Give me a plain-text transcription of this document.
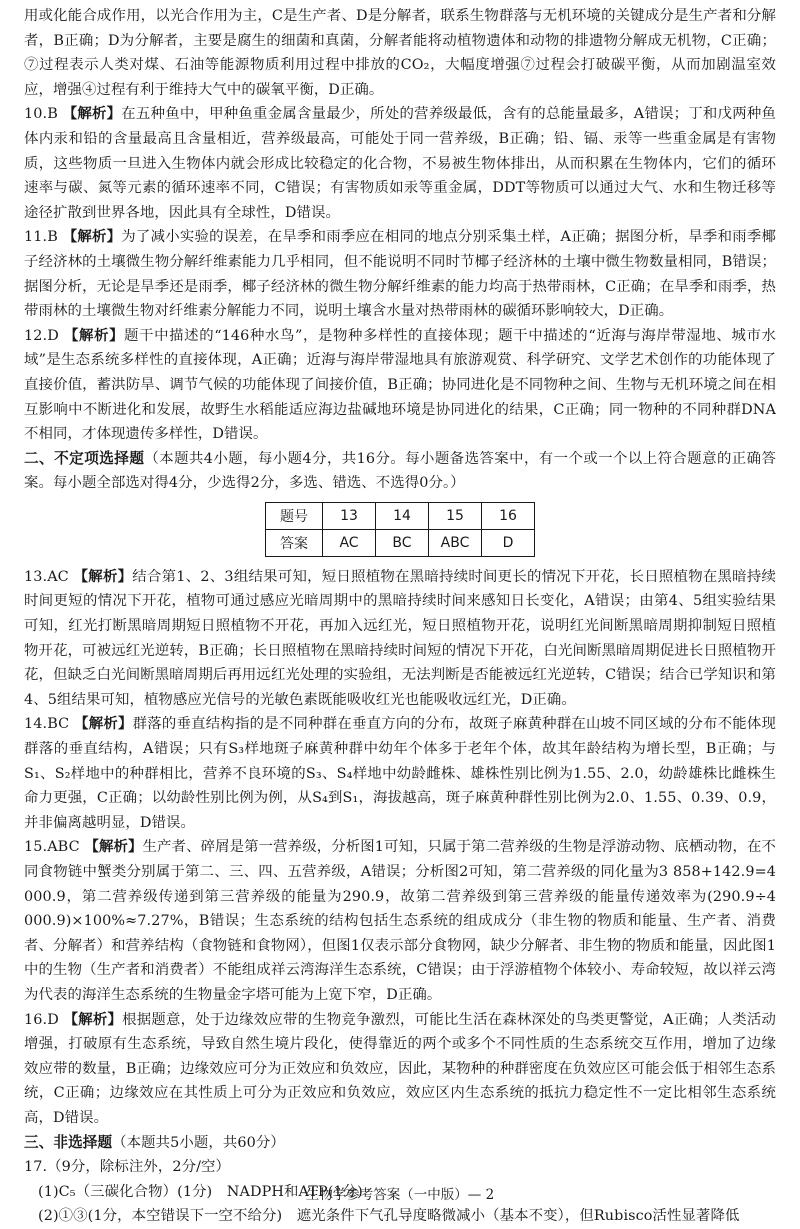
用或化能合成作用，以光合作用为主，C是生产者、D是分解者，联系生物群落与无机环境的关键成分是生产者和分解者，B正确；D为分解者，主要是腐生的细菌和真菌，分解者能将动植物遗体和动物的排遗物分解成无机物，C正确；⑦过程表示人类对煤、石油等能源物质利用过程中排放的CO₂，大幅度增强⑦过程会打破碳平衡，从而加剧温室效应，增强④过程有利于维持大气中的碳氧平衡，D正确。

10.B 【解析】在五种鱼中，甲种鱼重金属含量最少，所处的营养级最低，含有的总能量最多，A错误；丁和戊两种鱼体内汞和铅的含量最高且含量相近，营养级最高，可能处于同一营养级，B正确；铅、镉、汞等一些重金属是有害物质，这些物质一旦进入生物体内就会形成比较稳定的化合物，不易被生物体排出，从而积累在生物体内，它们的循环速率与碳、氮等元素的循环速率不同，C错误；有害物质如汞等重金属，DDT等物质可以通过大气、水和生物迁移等途径扩散到世界各地，因此具有全球性，D错误。

11.B 【解析】为了减小实验的误差，在旱季和雨季应在相同的地点分别采集土样，A正确；据图分析，旱季和雨季椰子经济林的土壤微生物分解纤维素能力几乎相同，但不能说明不同时节椰子经济林的土壤中微生物数量相同，B错误；据图分析，无论是旱季还是雨季，椰子经济林的微生物分解纤维素的能力均高于热带雨林，C正确；在旱季和雨季，热带雨林的土壤微生物对纤维素分解能力不同，说明土壤含水量对热带雨林的碳循环影响较大，D正确。

12.D 【解析】题干中描述的“146种水鸟”，是物种多样性的直接体现；题干中描述的“近海与海岸带湿地、城市水域”是生态系统多样性的直接体现，A正确；近海与海岸带湿地具有旅游观赏、科学研究、文学艺术创作的功能体现了直接价值，蓄洪防旱、调节气候的功能体现了间接价值，B正确；协同进化是不同物种之间、生物与无机环境之间在相互影响中不断进化和发展，故野生水稻能适应海边盐碱地环境是协同进化的结果，C正确；同一物种的不同种群DNA不相同，才体现遗传多样性，D错误。

二、不定项选择题（本题共4小题，每小题4分，共16分。每小题备选答案中，有一个或一个以上符合题意的正确答案。每小题全部选对得4分，少选得2分，多选、错选、不选得0分。）

题号	13	14	15	16
答案	AC	BC	ABC	D

13.AC 【解析】结合第1、2、3组结果可知，短日照植物在黑暗持续时间更长的情况下开花，长日照植物在黑暗持续时间更短的情况下开花，植物可通过感应光暗周期中的黑暗持续时间来感知日长变化，A错误；由第4、5组实验结果可知，红光打断黑暗周期短日照植物不开花，再加入远红光，短日照植物开花，说明红光间断黑暗周期抑制短日照植物开花，可被远红光逆转，B正确；长日照植物在黑暗持续时间短的情况下开花，白光间断黑暗周期促进长日照植物开花，但缺乏白光间断黑暗周期后再用远红光处理的实验组，无法判断是否能被远红光逆转，C错误；结合已学知识和第4、5组结果可知，植物感应光信号的光敏色素既能吸收红光也能吸收远红光，D正确。

14.BC 【解析】群落的垂直结构指的是不同种群在垂直方向的分布，故斑子麻黄种群在山坡不同区域的分布不能体现群落的垂直结构，A错误；只有S₃样地斑子麻黄种群中幼年个体多于老年个体，故其年龄结构为增长型，B正确；与S₁、S₂样地中的种群相比，营养不良环境的S₃、S₄样地中幼龄雌株、雄株性别比例为1.55、2.0，幼龄雄株比雌株生命力更强，C正确；以幼龄性别比例为例，从S₄到S₁，海拔越高，斑子麻黄种群性别比例为2.0、1.55、0.39、0.9，并非偏离越明显，D错误。

15.ABC 【解析】生产者、碎屑是第一营养级，分析图1可知，只属于第二营养级的生物是浮游动物、底栖动物，在不同食物链中蟹类分别属于第二、三、四、五营养级，A错误；分析图2可知，第二营养级的同化量为3 858+142.9=4 000.9，第二营养级传递到第三营养级的能量为290.9，故第二营养级到第三营养级的能量传递效率为(290.9÷4 000.9)×100%≈7.27%，B错误；生态系统的结构包括生态系统的组成成分（非生物的物质和能量、生产者、消费者、分解者）和营养结构（食物链和食物网），但图1仅表示部分食物网，缺少分解者、非生物的物质和能量，因此图1中的生物（生产者和消费者）不能组成祥云湾海洋生态系统，C错误；由于浮游植物个体较小、寿命较短，故以祥云湾为代表的海洋生态系统的生物量金字塔可能为上宽下窄，D正确。

16.D 【解析】根据题意，处于边缘效应带的生物竞争激烈，可能比生活在森林深处的鸟类更警觉，A正确；人类活动增强，打破原有生态系统，导致自然生境片段化，使得靠近的两个或多个不同性质的生态系统交互作用，增加了边缘效应带的数量，B正确；边缘效应可分为正效应和负效应，因此，某物种的种群密度在负效应区可能会低于相邻生态系统，C正确；边缘效应在其性质上可分为正效应和负效应，效应区内生态系统的抵抗力稳定性不一定比相邻生态系统高，D错误。

三、非选择题（本题共5小题，共60分）

17.（9分，除标注外，2分/空）

(1)C₅（三碳化合物）(1分)　NADPH和ATP(1分)

(2)①③(1分，本空错误下一空不给分)　遮光条件下气孔导度略微减小（基本不变），但Rubisco活性显著降低

生物学参考答案（一中版）— 2
